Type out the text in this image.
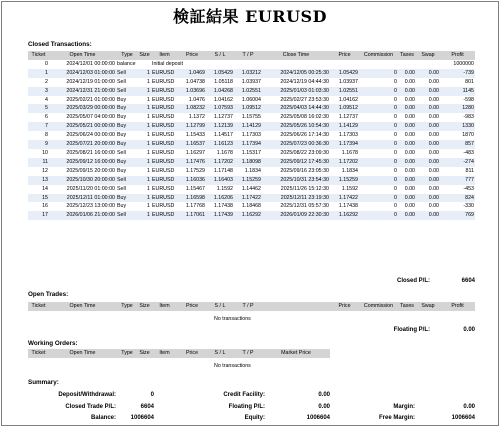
検証結果 EURUSD
Closed Transactions:
Ticket	Open Time	Type	Size	Item	Price	S / L	T / P	Close Time	Price	Commission	Taxes	Swap	Profit
0	2024/12/01 00:00:00	balance		Initial deposit									1000000
1	2024/12/03 01:00:00	Sell	1	EURUSD	1.0469	1.05429	1.03212	2024/12/05 00:25:30	1.05429	0	0.00	0.00	-739
2	2024/12/19 01:00:00	Sell	1	EURUSD	1.04738	1.05118	1.03937	2024/12/19 04:44:30	1.03937	0	0.00	0.00	801
3	2024/12/31 21:00:00	Sell	1	EURUSD	1.03696	1.04268	1.02551	2025/01/03 01:03:30	1.02551	0	0.00	0.00	1145
4	2025/02/21 01:00:00	Buy	1	EURUSD	1.0476	1.04162	1.06004	2025/02/27 23:53:30	1.04162	0	0.00	0.00	-598
5	2025/03/29 00:00:00	Buy	1	EURUSD	1.08232	1.07593	1.09512	2025/04/03 14:44:30	1.09512	0	0.00	0.00	1280
6	2025/05/07 04:00:00	Buy	1	EURUSD	1.1372	1.12737	1.15755	2025/05/08 16:02:30	1.12737	0	0.00	0.00	-983
7	2025/05/21 00:00:00	Buy	1	EURUSD	1.12799	1.12139	1.14129	2025/05/26 10:54:30	1.14129	0	0.00	0.00	1330
8	2025/06/24 00:00:00	Buy	1	EURUSD	1.15433	1.14517	1.17303	2025/06/26 17:14:30	1.17303	0	0.00	0.00	1870
9	2025/07/21 20:00:00	Buy	1	EURUSD	1.16537	1.16123	1.17394	2025/07/23 00:36:30	1.17394	0	0.00	0.00	857
10	2025/08/21 16:00:00	Sell	1	EURUSD	1.16297	1.1678	1.15317	2025/08/22 23:09:30	1.1678	0	0.00	0.00	-483
11	2025/09/12 16:00:00	Buy	1	EURUSD	1.17476	1.17202	1.18098	2025/09/12 17:45:30	1.17202	0	0.00	0.00	-274
12	2025/09/15 20:00:00	Buy	1	EURUSD	1.17529	1.17148	1.1834	2025/09/16 23:05:30	1.1834	0	0.00	0.00	811
13	2025/10/30 20:00:00	Sell	1	EURUSD	1.16036	1.16403	1.15259	2025/10/31 23:54:30	1.15259	0	0.00	0.00	777
14	2025/11/20 01:00:00	Sell	1	EURUSD	1.15467	1.1592	1.14462	2025/11/26 15:12:30	1.1592	0	0.00	0.00	-453
15	2025/12/11 01:00:00	Buy	1	EURUSD	1.16598	1.16206	1.17422	2025/12/11 23:19:30	1.17422	0	0.00	0.00	824
16	2025/12/23 13:00:00	Buy	1	EURUSD	1.17768	1.17438	1.18468	2025/12/31 05:57:30	1.17438	0	0.00	0.00	-330
17	2026/01/06 21:00:00	Sell	1	EURUSD	1.17061	1.17439	1.16292	2026/01/09 22:30:30	1.16292	0	0.00	0.00	769
Closed P/L:	6604
Open Trades:
Ticket	Open Time	Type	Size	Item	Price	S / L	T / P		Price	Commission	Taxes	Swap	Profit
No transactions
Floating P/L:	0.00
Working Orders:
Ticket	Open Time	Type	Size	Item	Price	S / L	T / P	Market Price
No transactions
Summary:
Deposit/Withdrawal:	0	Credit Facility:	0.00
Closed Trade P/L:	6604	Floating P/L:	0.00	Margin:	0.00
Balance:	1006604	Equity:	1006604	Free Margin:	1006604
